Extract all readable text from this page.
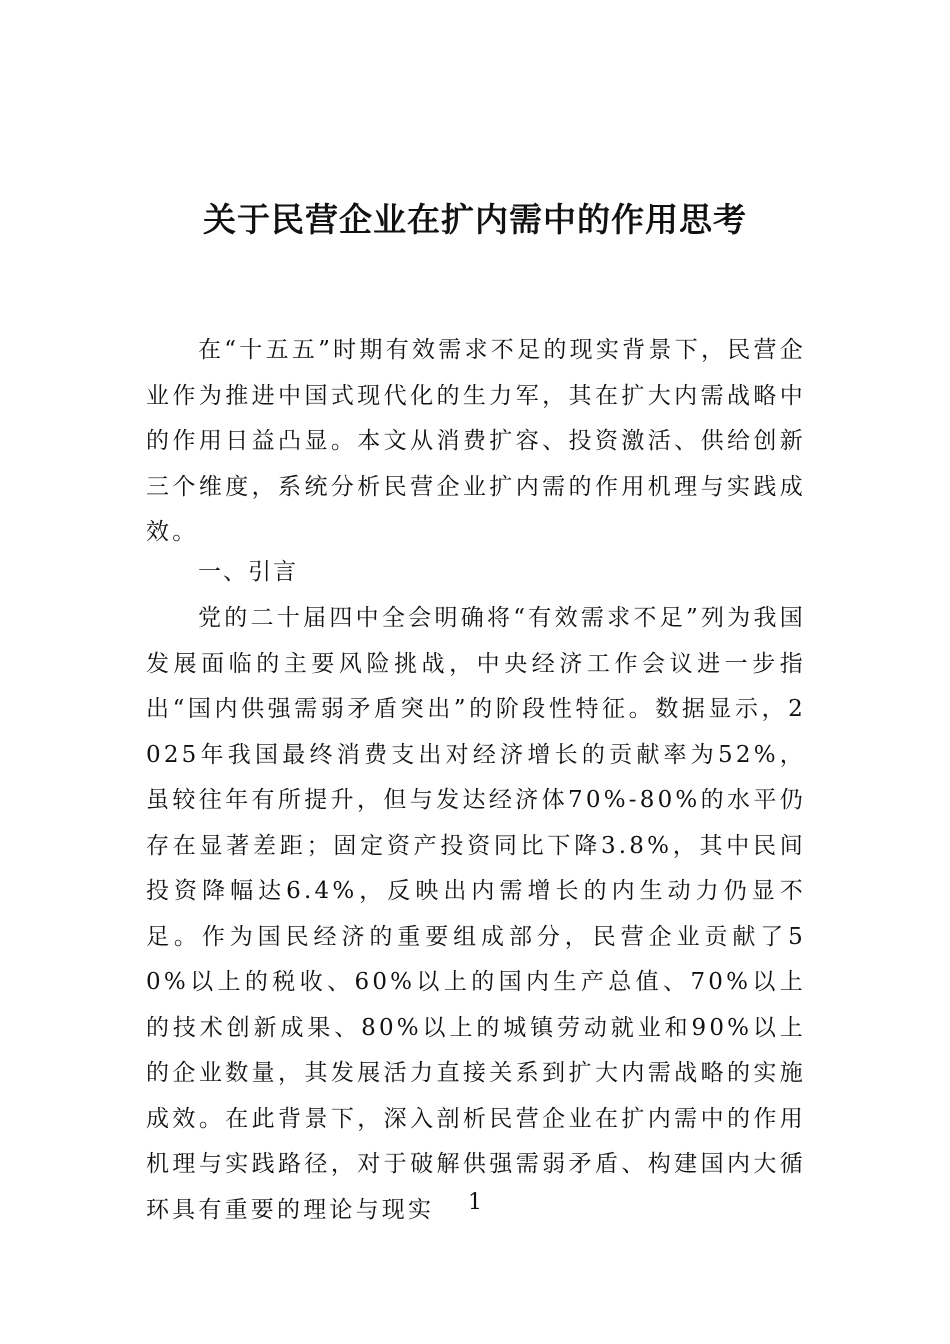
关于民营企业在扩内需中的作用思考

在“十五五”时期有效需求不足的现实背景下，民营企业作为推进中国式现代化的生力军，其在扩大内需战略中的作用日益凸显。本文从消费扩容、投资激活、供给创新三个维度，系统分析民营企业扩内需的作用机理与实践成效。

一、引言

党的二十届四中全会明确将“有效需求不足”列为我国发展面临的主要风险挑战，中央经济工作会议进一步指出“国内供强需弱矛盾突出”的阶段性特征。数据显示，2025年我国最终消费支出对经济增长的贡献率为52%，虽较往年有所提升，但与发达经济体70%-80%的水平仍存在显著差距；固定资产投资同比下降3.8%，其中民间投资降幅达6.4%，反映出内需增长的内生动力仍显不足。作为国民经济的重要组成部分，民营企业贡献了50%以上的税收、60%以上的国内生产总值、70%以上的技术创新成果、80%以上的城镇劳动就业和90%以上的企业数量，其发展活力直接关系到扩大内需战略的实施成效。在此背景下，深入剖析民营企业在扩内需中的作用机理与实践路径，对于破解供强需弱矛盾、构建国内大循环具有重要的理论与现实	1
